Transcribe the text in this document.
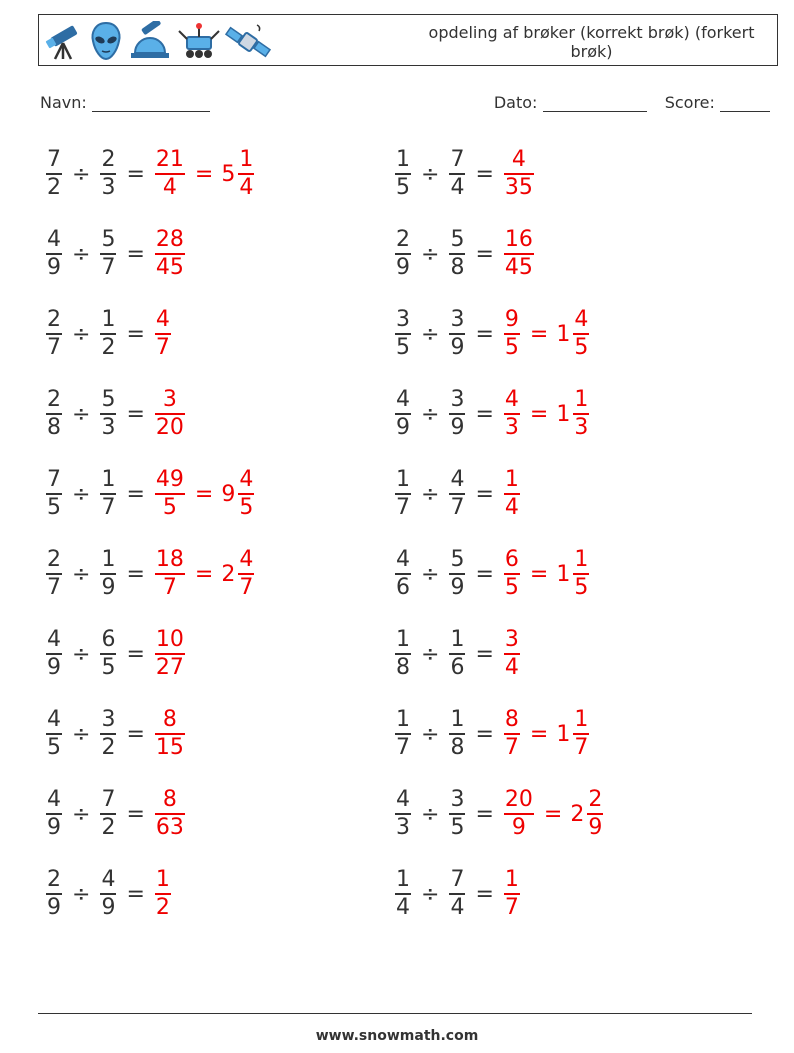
opdeling af brøker (korrekt brøk) (forkert brøk)
Navn:	Dato:	Score:
$\frac{7}{2} \div \frac{2}{3} = \frac{21}{4} = 5 \frac{1}{4}$	$\frac{1}{5} \div \frac{7}{4} = \frac{4}{35}$
$\frac{4}{9} \div \frac{5}{7} = \frac{28}{45}$	$\frac{2}{9} \div \frac{5}{8} = \frac{16}{45}$
$\frac{2}{7} \div \frac{1}{2} = \frac{4}{7}$	$\frac{3}{5} \div \frac{3}{9} = \frac{9}{5} = 1 \frac{4}{5}$
$\frac{2}{8} \div \frac{5}{3} = \frac{3}{20}$	$\frac{4}{9} \div \frac{3}{9} = \frac{4}{3} = 1 \frac{1}{3}$
$\frac{7}{5} \div \frac{1}{7} = \frac{49}{5} = 9 \frac{4}{5}$	$\frac{1}{7} \div \frac{4}{7} = \frac{1}{4}$
$\frac{2}{7} \div \frac{1}{9} = \frac{18}{7} = 2 \frac{4}{7}$	$\frac{4}{6} \div \frac{5}{9} = \frac{6}{5} = 1 \frac{1}{5}$
$\frac{4}{9} \div \frac{6}{5} = \frac{10}{27}$	$\frac{1}{8} \div \frac{1}{6} = \frac{3}{4}$
$\frac{4}{5} \div \frac{3}{2} = \frac{8}{15}$	$\frac{1}{7} \div \frac{1}{8} = \frac{8}{7} = 1 \frac{1}{7}$
$\frac{4}{9} \div \frac{7}{2} = \frac{8}{63}$	$\frac{4}{3} \div \frac{3}{5} = \frac{20}{9} = 2 \frac{2}{9}$
$\frac{2}{9} \div \frac{4}{9} = \frac{1}{2}$	$\frac{1}{4} \div \frac{7}{4} = \frac{1}{7}$
www.snowmath.com
